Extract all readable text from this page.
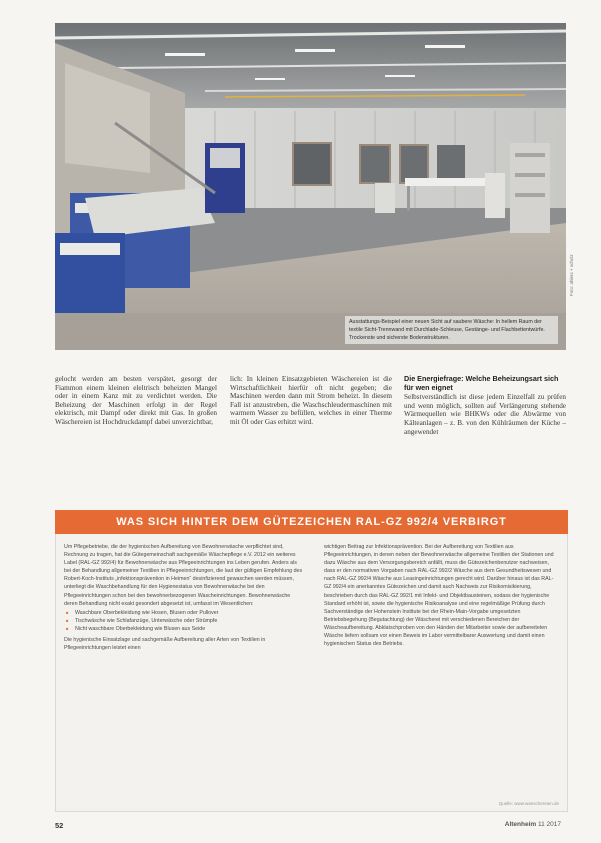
Ausstattungs-Beispiel einer neuen Sicht auf saubere Wäsche: In hellem Raum der textile Sicht-Trennwand mit Durchlade-Schleuse, Gestänge- und Flachbettentwürfe. Trockenste und sicherste Bodenstrukturen.
Foto: ahlers + scholz

gelocht werden am besten verspätet, gesorgt der Fiammon einem kleinen eleltrisch beheizten Mangel oder in einem Kanz mit zu verdichtet werden. Die Beheizung der Maschinen erfolgt in der Regel elektrisch, mit Dampf oder direkt mit Gas. In großen Wäschereien ist Hochdruckdampf dabei unverzichtbar,

lich: In kleinen Einsatzgebieten Wäschereien ist die Wirtschaftlichkeit hierfür oft nicht gegeben; die Maschinen werden dann mit Strom beheizt. In diesem Fall ist anzustreben, die Waschschleudermaschinen mit warmem Wasser zu befüllen, welches in einer Therme mit Öl oder Gas erhitzt wird.

Die Energiefrage: Welche Beheizungsart sich für wen eignet

Selbstverständlich ist diese jedem Einzelfall zu prüfen und wenn möglich, sollten auf Verlängerung stehende Wärmequellen wie BHKWs oder die Abwärme von Kälteanlagen – z. B. von den Kühlräumen der Küche – angewendet

WAS SICH HINTER DEM GÜTEZEICHEN RAL-GZ 992/4 VERBIRGT

Um Pflegebetriebe, die der hygienischen Aufbereitung von Bewohnerwäsche verpflichtet sind, Rechnung zu tragen, hat die Gütegemeinschaft sachgemäße Wäschepflege e.V. 2012 ein weiteres Label (RAL-GZ 992/4) für Bewohnerwäsche aus Pflegeeinrichtungen ins Leben gerufen. Anders als bei der Behandlung allgemeiner Textilien in Pflegeeinrichtungen, die laut der gültigen Empfehlung des Robert-Koch-Instituts „infektionsprävention in Heimen“ desinfizierend gewaschen werden müssen, unterliegt die Waschbehandlung für den Hygienestatus von Bewohnerwäsche bei den Pflegeeinrichtungen schon bei den bewohnerbezogenen Wascheinrichtungen. Bewohnerwäsche deren Behandlung nicht exakt gesondert abgesetzt ist, umfasst im Wesentlichen:

■ Waschbare Oberbekleidung wie Hosen, Blusen oder Pullover
■ Tischwäsche wie Schlafanzüge, Unterwäsche oder Strümpfe
■ Nicht waschbare Oberbekleidung wie Blusen aus Seide

Die hygienische Einsatzlage und sachgemäße Aufbereitung aller Arten von Textilien in Pflegeeinrichtungen leistet einen

wichtigen Beitrag zur Infektionsprävention. Bei der Aufbereitung von Textilien aus Pflegeeinrichtungen, in denen neben der Bewohnerwäsche allgemeine Textilien der Stationen und dazu Wäsche aus dem Versorgungsbereich anfällt, muss die Gütezeichenbenutzer nachweisen, dass er den normativen Vorgaben nach RAL-GZ 992/2 Wäsche aus dem Gesundheitswesen und nach RAL-GZ 992/4 Wäsche aus Leasingeinrichtungen gerecht wird. Darüber hinaus ist das RAL-GZ 992/4 ein anerkanntes Gütezeichen und damit auch Nachweis zur Risikomisikierung, beschrieben durch das RAL-GZ 992/1 mit Infekt- und Objektbausteinen, sodass der hygienische Standard erhöht ist, sowie die hygienische Risikoanalyse und eine regelmäßige Prüfung durch Sachverständige der Hohenstein Institute bei der Rhein-Main-Vorgabe umgesetzten Betriebsbegehung (Begutachtung) der Wäscherei mit verschiedenen Bereichen der Wäscheaufbereitung. Abklatschproben von den Händen der Mitarbeiter sowie der aufbereiteten Wäsche liefern sollsam vor einen Beweis im Labor vermittelbarer Auswertung und damit einen hygienischen Status des Betriebs.

Quelle: www.waeschereien.de
52	Altenheim 11 2017
